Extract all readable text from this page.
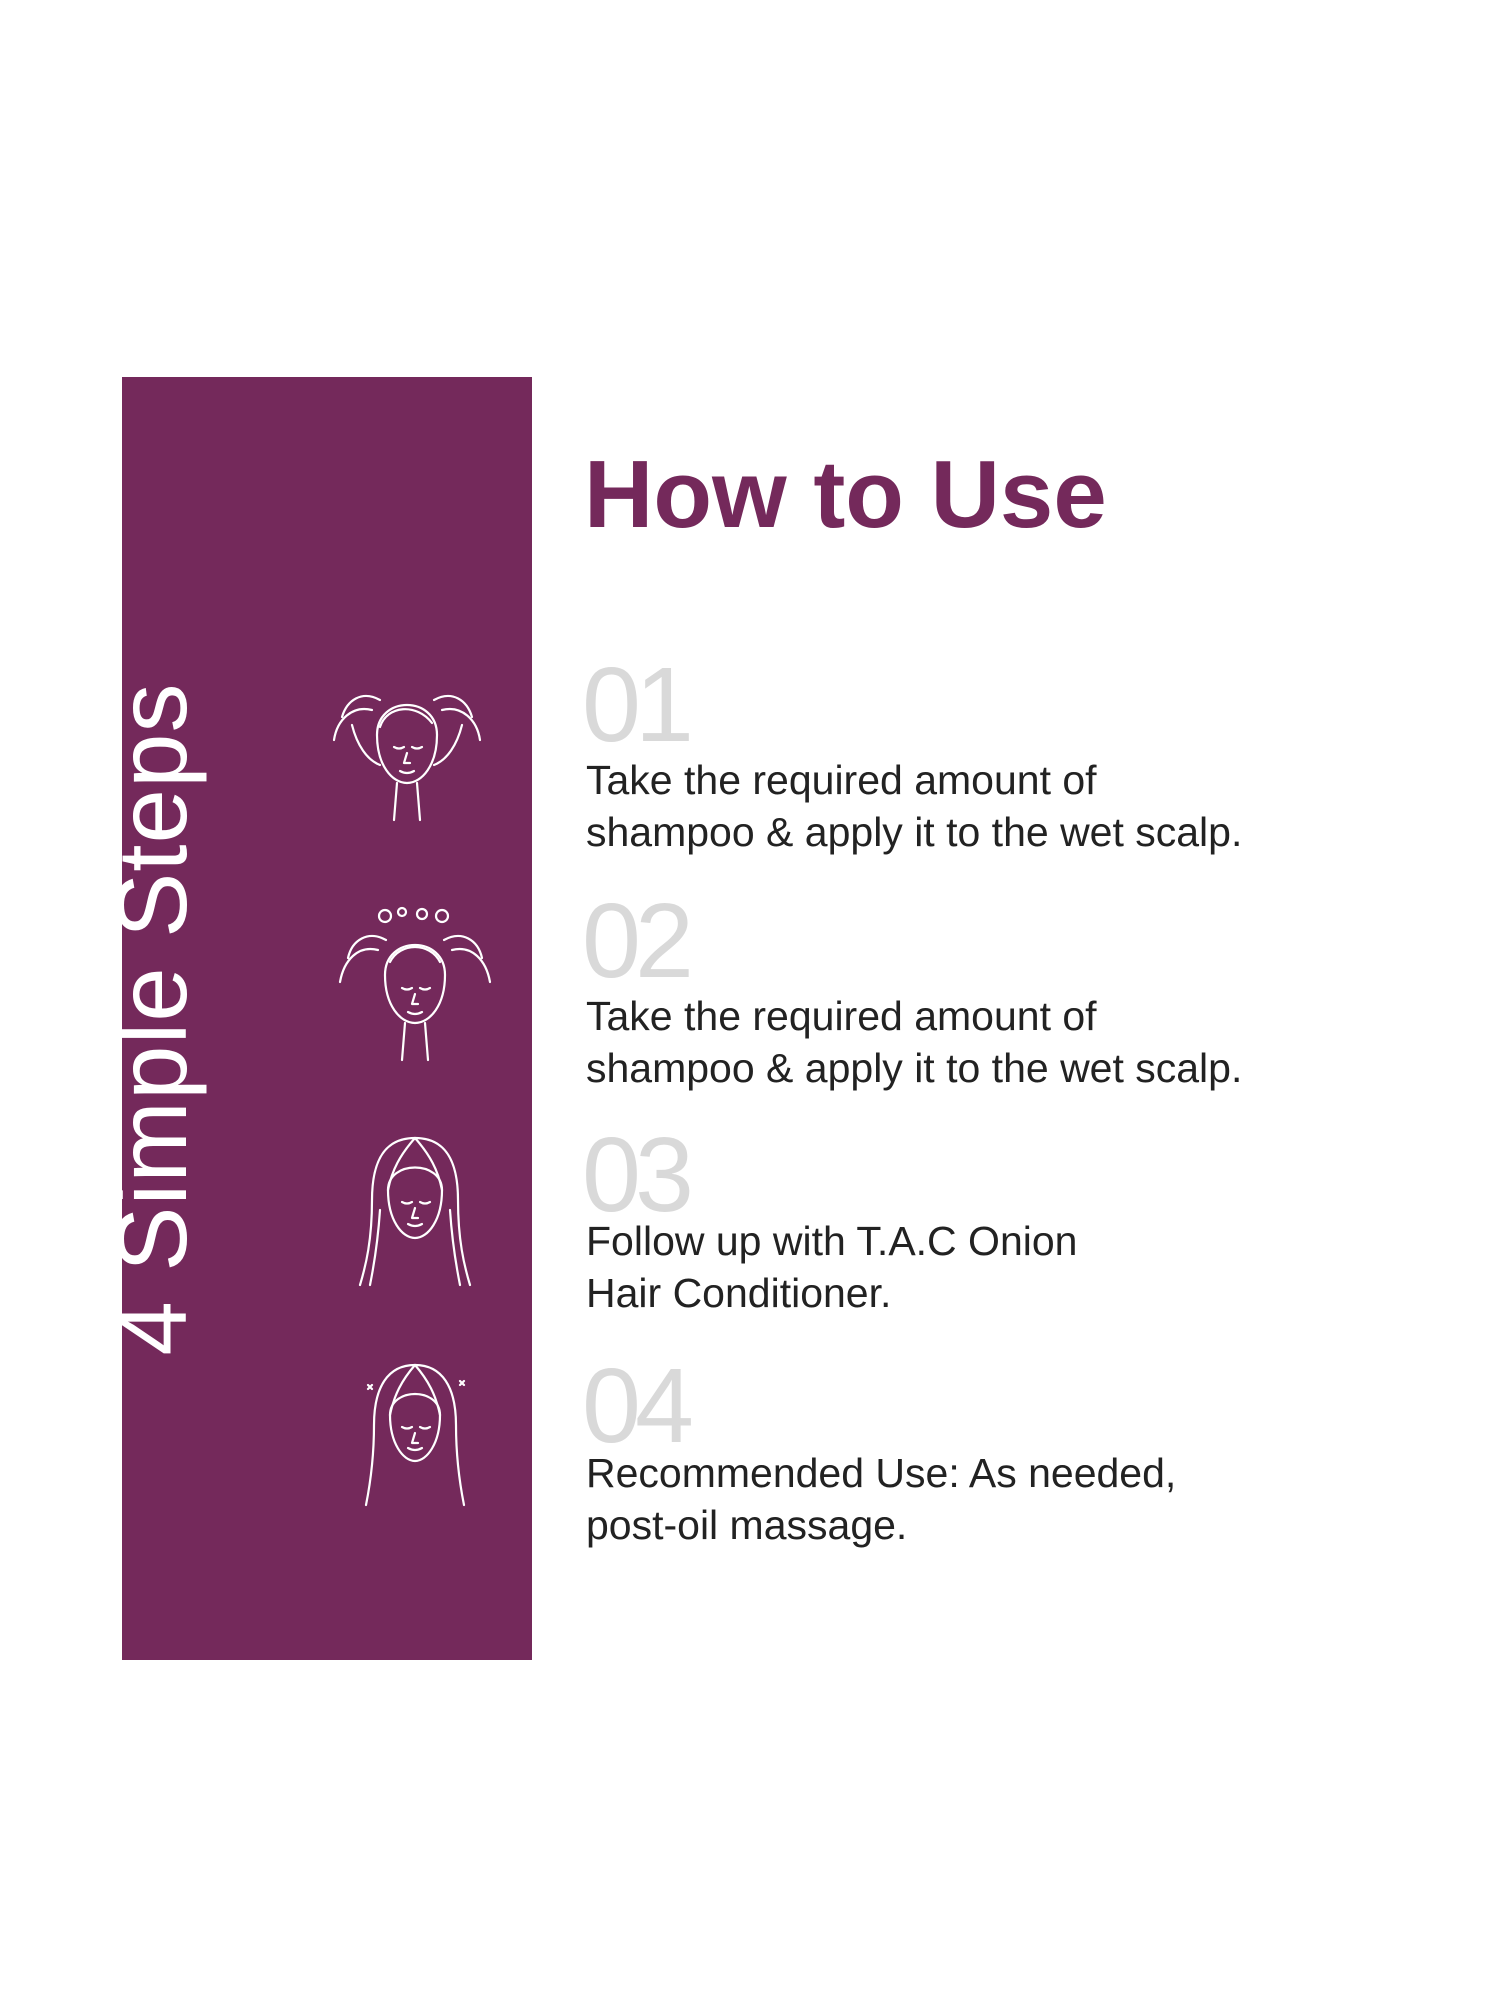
4 Simple Steps
How to Use
01
Take the required amount of
shampoo & apply it to the wet scalp.
02
Take the required amount of
shampoo & apply it to the wet scalp.
03
Follow up with T.A.C Onion
Hair Conditioner.
04
Recommended Use: As needed,
post-oil massage.
